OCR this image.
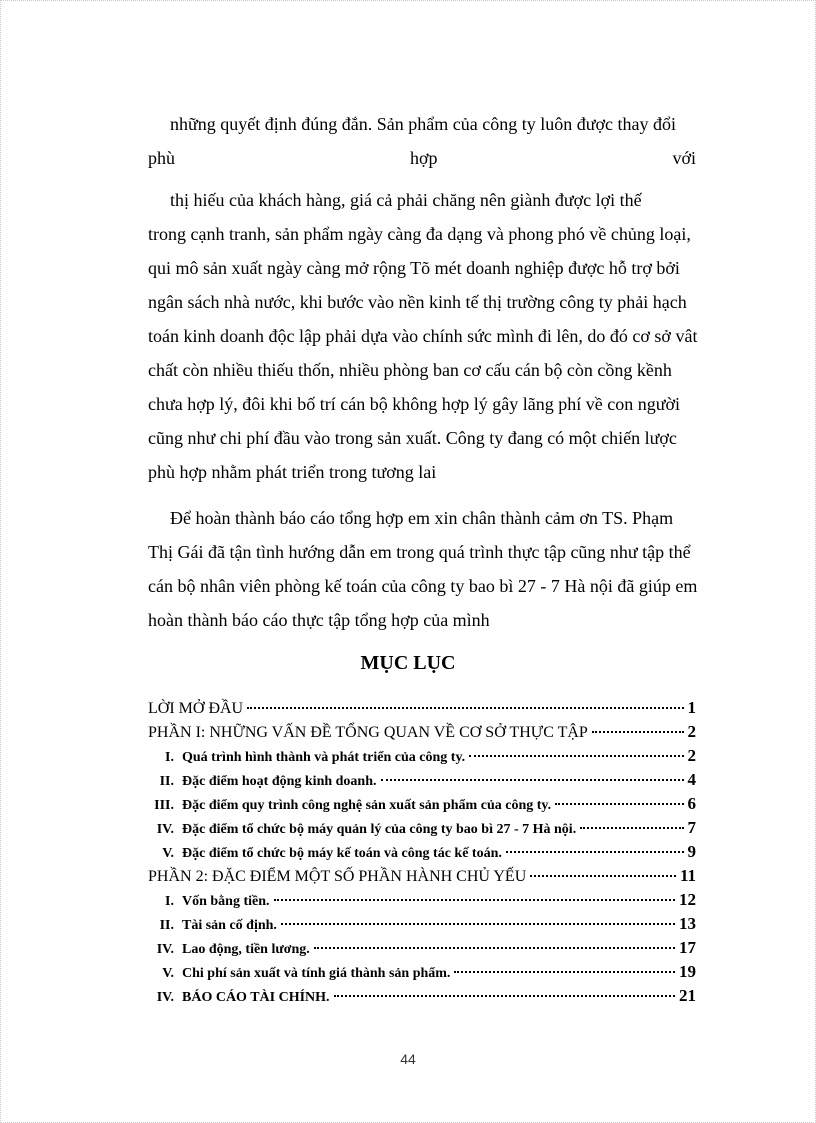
những quyết định đúng đắn. Sản phẩm của công ty luôn được thay đổi
phù	hợp	với
thị hiếu của khách hàng, giá cả phải chăng nên giành được lợi thế
trong cạnh tranh, sản phẩm ngày càng đa dạng và phong phó về chủng loại,
qui mô sản xuất ngày càng mở rộng Tõ mét doanh nghiệp được hỗ trợ bởi
ngân sách nhà nước, khi bước vào nền kinh tế thị trường công ty phải hạch
toán kinh doanh độc lập phải dựa vào chính sức mình đi lên, do đó cơ sở vât
chất còn nhiều thiếu thốn, nhiều phòng ban cơ cấu cán bộ còn cồng kềnh
chưa hợp lý, đôi khi bố trí cán bộ không hợp lý gây lãng phí về con người
cũng như chi phí đầu vào trong sản xuất. Công ty đang có một chiến lược
phù hợp nhằm phát triển trong tương lai
Để hoàn thành báo cáo tổng hợp em xin chân thành cảm ơn TS. Phạm
Thị Gái đã tận tình hướng dẫn em trong quá trình thực tập cũng như tập thể
cán bộ nhân viên phòng kế toán của công ty bao bì 27 - 7 Hà nội đã giúp em
hoàn thành báo cáo thực tập tổng hợp của mình
MỤC LỤC
LỜI MỞ ĐẦU	1
PHẦN I: NHỮNG VẤN ĐỀ TỔNG QUAN VỀ CƠ SỞ THỰC TẬP	2
I. Quá trình hình thành và phát triển của công ty.	2
II. Đặc điểm hoạt động kinh doanh.	4
III. Đặc điểm quy trình công nghệ sản xuất sản phẩm của công ty.	6
IV. Đặc điểm tổ chức bộ máy quản lý của công ty bao bì 27 - 7 Hà nội.	7
V. Đặc điểm tổ chức bộ máy kế toán và công tác kế toán.	9
PHẦN 2: ĐẶC ĐIỂM MỘT SỐ PHẦN HÀNH CHỦ YẾU	11
I. Vốn bằng tiền.	12
II. Tài sản cố định.	13
IV. Lao động, tiền lương.	17
V. Chi phí sản xuất và tính giá thành sản phẩm.	19
IV. BÁO CÁO TÀI CHÍNH.	21
44
